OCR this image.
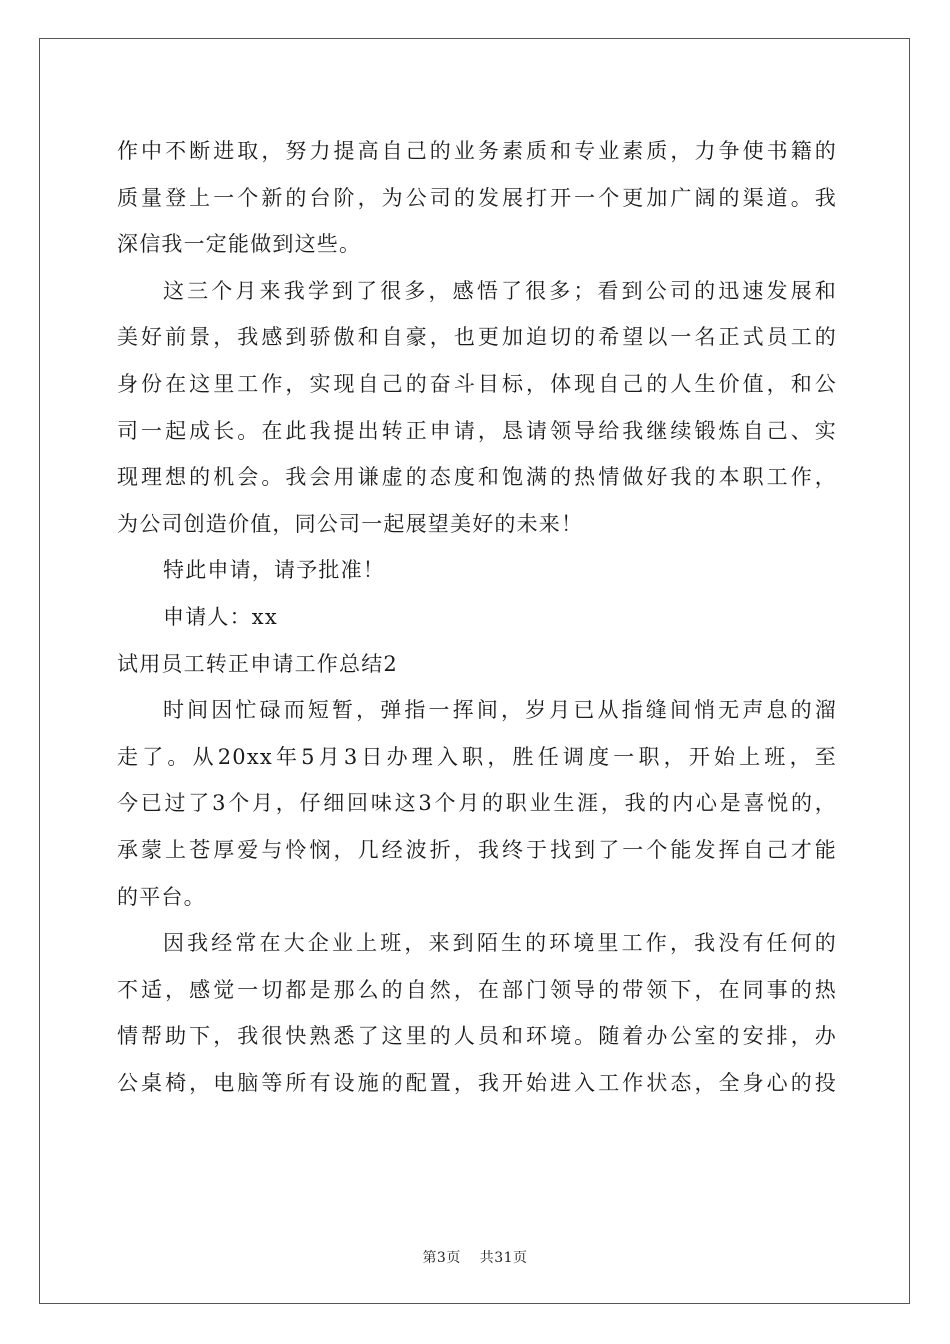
作中不断进取，努力提高自己的业务素质和专业素质，力争使书籍的
质量登上一个新的台阶，为公司的发展打开一个更加广阔的渠道。我
深信我一定能做到这些。
这三个月来我学到了很多，感悟了很多；看到公司的迅速发展和
美好前景，我感到骄傲和自豪，也更加迫切的希望以一名正式员工的
身份在这里工作，实现自己的奋斗目标，体现自己的人生价值，和公
司一起成长。在此我提出转正申请，恳请领导给我继续锻炼自己、实
现理想的机会。我会用谦虚的态度和饱满的热情做好我的本职工作，
为公司创造价值，同公司一起展望美好的未来！
特此申请，请予批准！
申请人：xx
试用员工转正申请工作总结2
时间因忙碌而短暂，弹指一挥间，岁月已从指缝间悄无声息的溜
走了。从20xx年5月3日办理入职，胜任调度一职，开始上班，至
今已过了3个月，仔细回味这3个月的职业生涯，我的内心是喜悦的，
承蒙上苍厚爱与怜悯，几经波折，我终于找到了一个能发挥自己才能
的平台。
因我经常在大企业上班，来到陌生的环境里工作，我没有任何的
不适，感觉一切都是那么的自然，在部门领导的带领下，在同事的热
情帮助下，我很快熟悉了这里的人员和环境。随着办公室的安排，办
公桌椅，电脑等所有设施的配置，我开始进入工作状态，全身心的投
第3页 共31页
